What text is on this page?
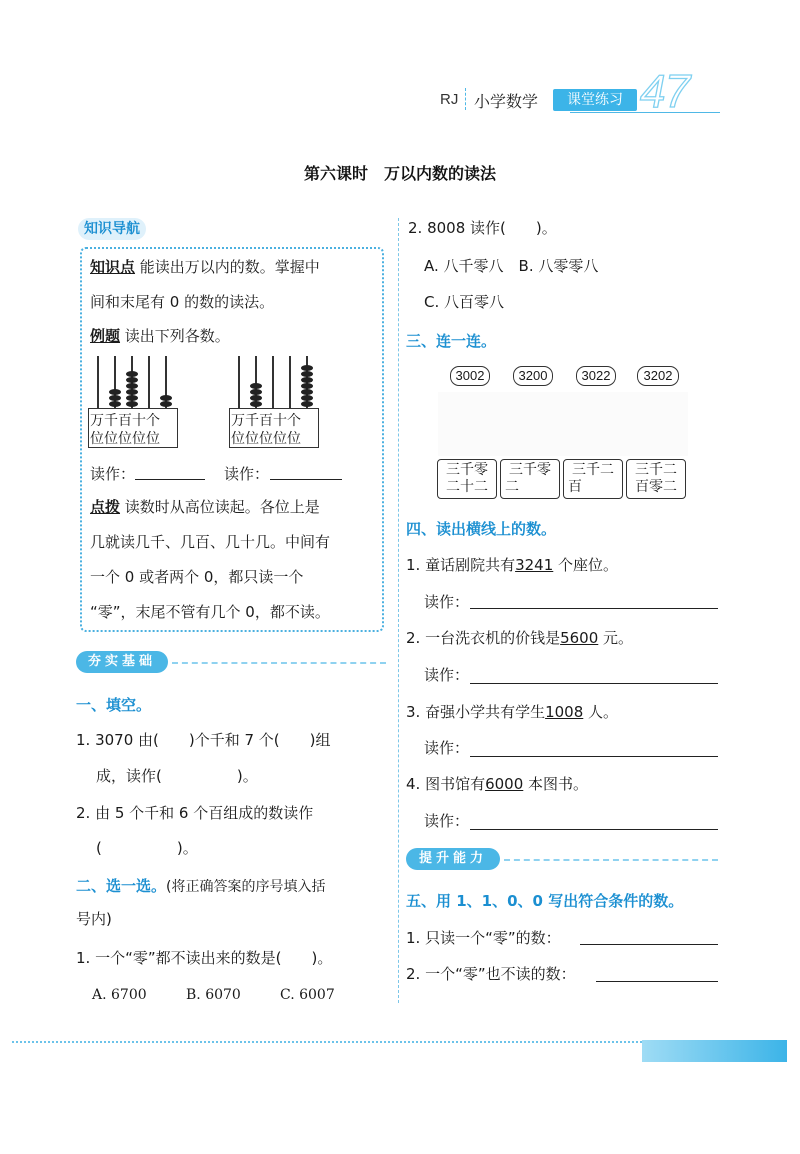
RJ 小学数学	课堂练习 47
第六课时　万以内数的读法
知识导航
知识点 能读出万以内的数。掌握中
间和末尾有 0 的数的读法。
例题 读出下列各数。
万千百十个
位位位位位
万千百十个
位位位位位
读作：	读作：
点拨 读数时从高位读起。各位上是
几就读几千、几百、几十几。中间有
一个 0 或者两个 0，都只读一个
“零”，末尾不管有几个 0，都不读。
夯实基础
一、填空。
1. 3070 由(　　)个千和 7 个(　　)组
成，读作(　　　　　)。
2. 由 5 个千和 6 个百组成的数读作
(　　　　　)。
二、选一选。(将正确答案的序号填入括
号内)
1. 一个“零”都不读出来的数是(　　)。
A. 6700	B. 6070	C. 6007
2. 8008 读作(　　)。
A. 八千零八　B. 八零零八
C. 八百零八
三、连一连。
3002	3200	3022	3202
三千零
二十二
三千零
二
三千二
百
三千二
百零二
四、读出横线上的数。
1. 童话剧院共有3241 个座位。
读作：
2. 一台洗衣机的价钱是5600 元。
读作：
3. 奋强小学共有学生1008 人。
读作：
4. 图书馆有6000 本图书。
读作：
提升能力
五、用 1、1、0、0 写出符合条件的数。
1. 只读一个“零”的数：
2. 一个“零”也不读的数：
